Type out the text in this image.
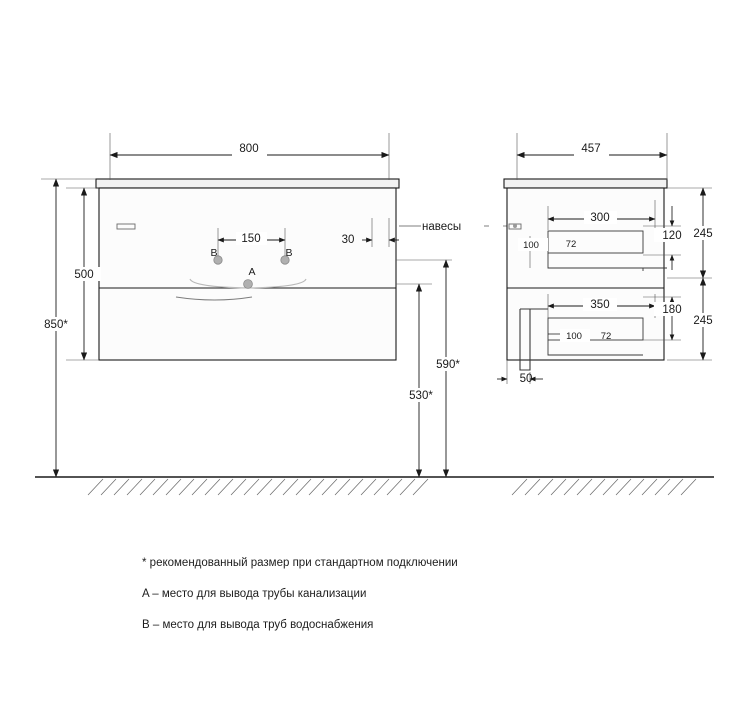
B	B
A
800
150	30
навесы
500
850*
590*
530*
457
300
100	72
350
100 72
120 245
180
245
50
* рекомендованный размер при стандартном подключении
A – место для вывода трубы канализации
B – место для вывода труб водоснабжения
